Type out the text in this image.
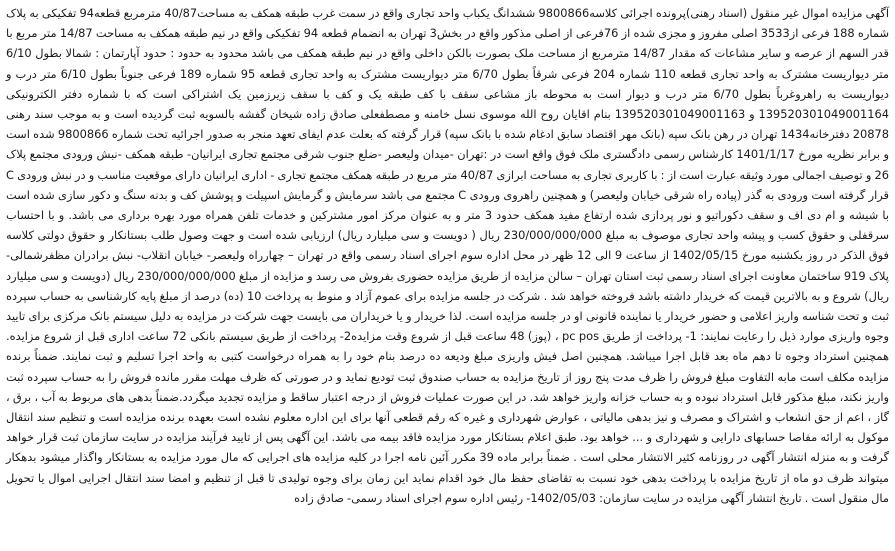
آگهی مزایده اموال غیر منقول (اسناد رهنی)پرونده اجرائی کلاسه9800866 ششدانگ یکباب واحد تجاری واقع در سمت غرب طبقه همکف به مساحت40/87 مترمربع قطعه94 تفکیکی به پلاک شماره 188 فرعی از3533 اصلی مفروز و مجزی شده از 76فرعی از اصلی مذکور واقع در بخش3 تهران به انضمام قطعه 94 تفکیکی واقع در نیم طبقه همکف به مساحت 14/87 متر مربع با قدر السهم از عرصه و سایر مشاعات که مقدار 14/87 مترمربع از مساحت ملک بصورت بالکن داخلی واقع در نیم طبقه همکف می باشد محدود به حدود : حدود آپارتمان : شمالا بطول 6/10 متر دیواریست مشترک به واحد تجاری قطعه 110 شماره 204 فرعی شرقاً بطول 6/70 متر دیواریست مشترک به واحد تجاری قطعه 95 شماره 189 فرعی جنوباً بطول 6/10 متر درب و دیواریست به راهروغرباً بطول 6/70 متر درب و دیوار است به محوطه باز مشاعی سقف با کف طبقه یک و کف با سقف زیرزمین یک اشتراکی است که با شماره دفتر الکترونیکی 139520301049001164 و 139520301049001163 بنام اقایان روح الله موسوی نسل خامنه و مصطفعلی صادق زاده شیخان گفشه بالسویه ثبت گردیده است و به موجب سند رهنی 20878 دفترخانه1434 تهران در رهن بانک سپه (بانک مهر اقتصاد سابق ادغام شده با بانک سپه) قرار گرفته که بعلت عدم ایفای تعهد منجر به صدور اجرائیه تحت شماره 9800866 شده است و برابر نظریه مورخ 1401/1/17 کارشناس رسمی دادگستری ملک فوق واقع است در :تهران -میدان ولیعصر -ضلع جنوب شرقی مجتمع تجاری ایرانیان- طبقه همکف -نبش ورودی مجتمع پلاک 26 و توصیف اجمالی مورد وثیقه عبارت است از : با کاربری تجاری به مساحت ابرازی 40/87 متر مربع در طبقه همکف مجتمع تجاری - اداری ایرانیان دارای موقعیت مناسب و در نبش ورودی C قرار گرفته است ورودی به گذر (پیاده راه شرقی خیابان ولیعصر) و همچنین راهروی ورودی C مجتمع می باشد سرمایش و گرمایش اسپیلت و پوشش کف و بدنه سنگ و دکور سازی شده است با شیشه و ام دی اف و سقف دکوراتیو و نور پردازی شده ارتفاع مفید همکف حدود 3 متر و به عنوان مرکز امور مشترکین و خدمات تلفن همراه مورد بهره برداری می باشد. و با احتساب سرقفلی و حقوق کسب و پیشه واحد تجاری موصوف به مبلغ 230/000/000/000 ریال ( دویست و سی میلیارد ریال) ارزیابی شده است و جهت وصول طلب بستانکار و حقوق دولتی کلاسه فوق الذکر در روز یکشنبه مورخ 1402/05/15 از ساعت 9 الی 12 ظهر در محل اداره سوم اجرای اسناد رسمی واقع در تهران – چهارراه ولیعصر- خیابان انقلاب- نبش برادران مظفرشمالی- پلاک 919 ساختمان معاونت اجرای اسناد رسمی ثبت استان تهران – سالن مزایده از طریق مزایده حضوری بفروش می رسد و مزایده از مبلغ 230/000/000/000 ریال (دویست و سی میلیارد ریال) شروع و به بالاترین قیمت که خریدار داشته باشد فروخته خواهد شد . شرکت در جلسه مزایده برای عموم آزاد و منوط به پرداخت 10 (ده) درصد از مبلغ پایه کارشناسی به حساب سپرده ثبت و تحت شناسه واریز اعلامی و حضور خریدار یا نماینده قانونی او در جلسه مزایده است. لذا خریدار و یا خریداران می بایست جهت شرکت در مزایده به دلیل سیستم بانک مرکزی برای تایید وجوه واریزی موارد ذیل را رعایت نمایند: 1- پرداخت از طریق pc pos ، (پوز) 48 ساعت قبل از شروع وقت مزایده2- پرداخت از طریق سیستم بانکی 72 ساعت اداری قبل از شروع مزایده. همچنین استرداد وجوه تا دهم ماه بعد قابل اجرا میباشد. همچنین اصل فیش واریزی مبلغ ودیعه ده درصد بنام خود را به همراه درخواست کتبی به واحد اجرا تسلیم و ثبت نمایند. ضمناً برنده مزایده مکلف است مابه التفاوت مبلغ فروش را ظرف مدت پنج روز از تاریخ مزایده به حساب صندوق ثبت تودیع نماید و در صورتی که ظرف مهلت مقرر مانده فروش را به حساب سپرده ثبت واریز نکند، مبلغ مذکور قابل استرداد نبوده و به حساب خزانه واریز خواهد شد. در این صورت عملیات فروش از درجه اعتبار ساقط و مزایده تجدید میگردد.ضمناً بدهی های مربوط به آب ، برق ، گاز ، اعم از حق انشعاب و اشتراک و مصرف و نیز بدهی مالیاتی ، عوارض شهرداری و غیره که رقم قطعی آنها برای این اداره معلوم نشده است بعهده برنده مزایده است و تنظیم سند انتقال موکول به ارائه مفاصا حسابهای دارایی و شهرداری و ... خواهد بود. طبق اعلام بستانکار مورد مزایده فاقد بیمه می باشد. این آگهی پس از تایید فرآیند مزایده در سایت سازمان ثبت قرار خواهد گرفت و به منزله انتشار آگهی در روزنامه کثیر الانتشار محلی است . ضمناً برابر ماده 39 مکرر آئین نامه اجرا در کلیه مزایده های اجرایی که مال مورد مزایده به بستانکار واگذار میشود بدهکار میتواند ظرف دو ماه از تاریخ مزایده با پرداخت بدهی خود نسبت به تقاضای حفظ مال خود اقدام نماید این زمان برای وجوه تولیدی تا قبل از تنظیم و امضا سند انتقال اجرایی اموال یا تحویل مال منقول است . تاریخ انتشار آگهی مزایده در سایت سازمان: 1402/05/03- رئیس اداره سوم اجرای اسناد رسمی- صادق زاده
